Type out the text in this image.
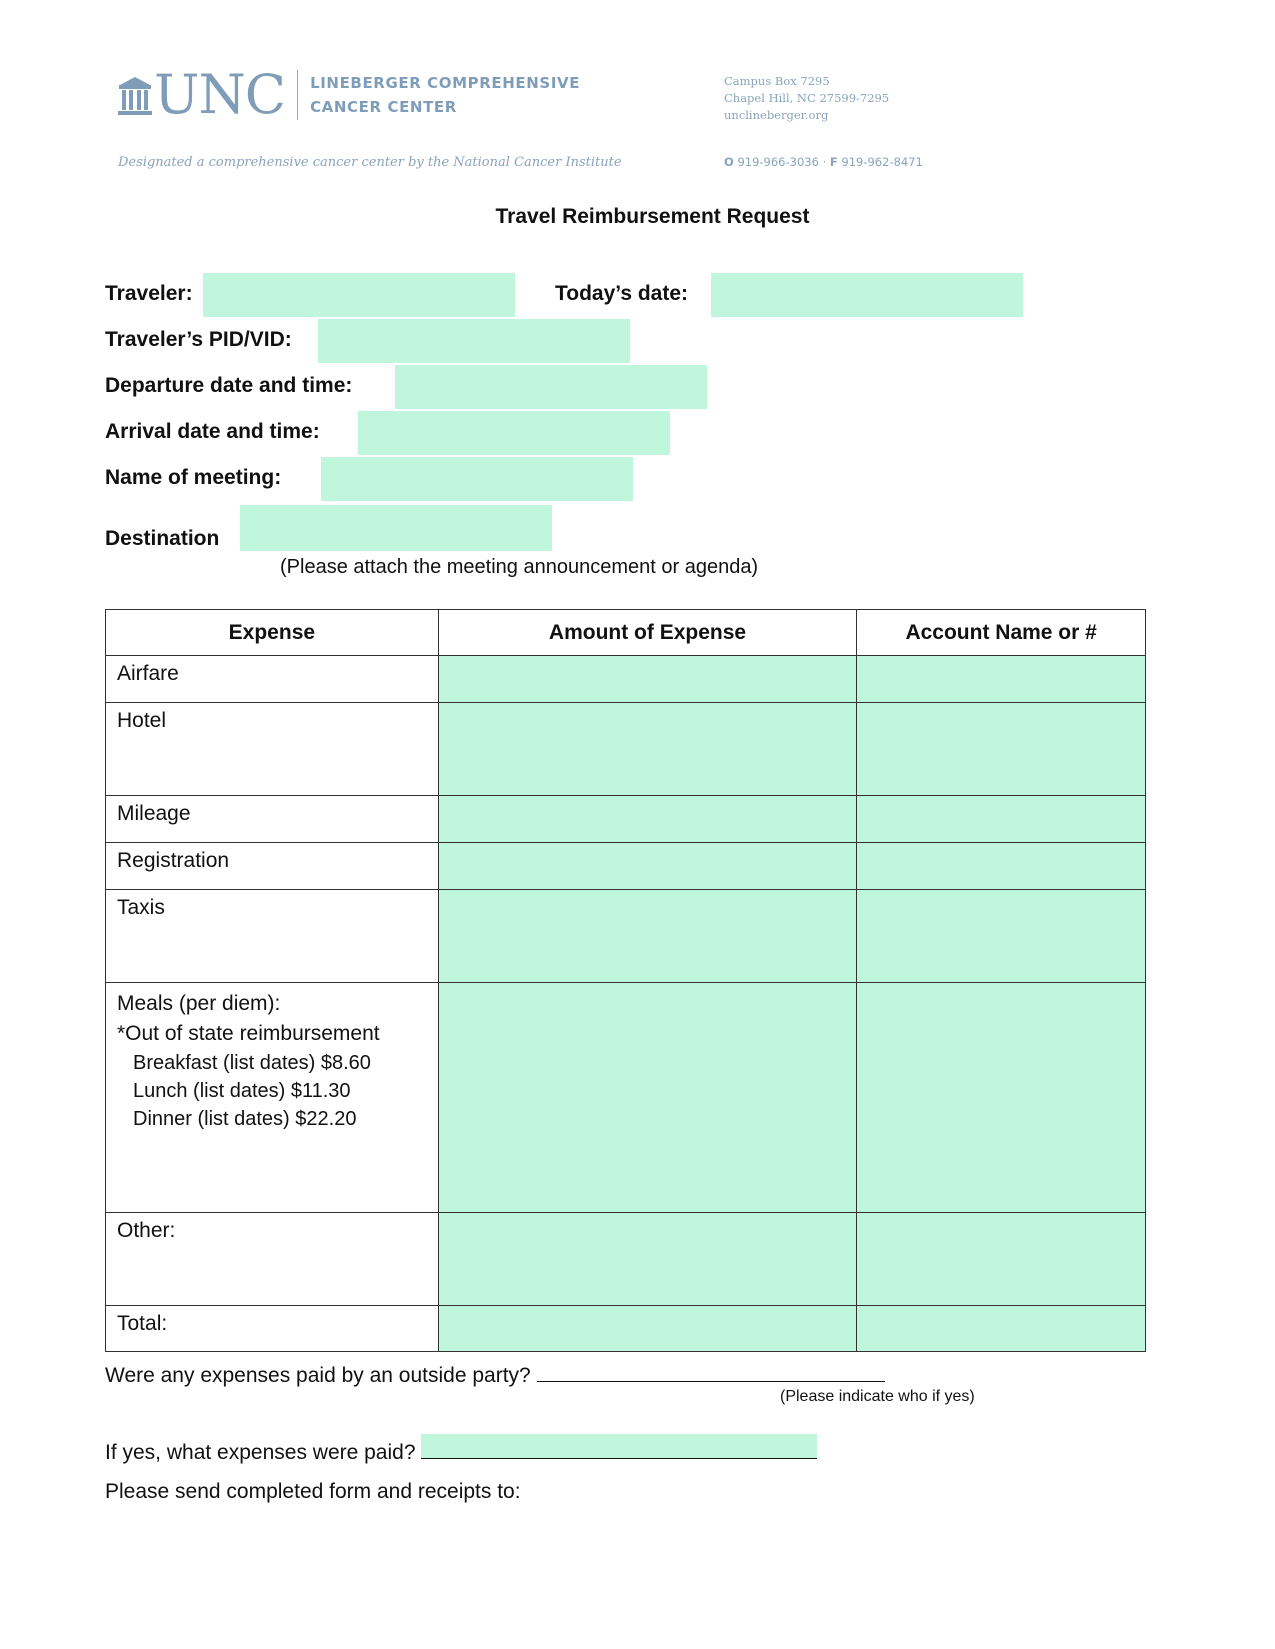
UNC LINEBERGER COMPREHENSIVE
CANCER CENTER
Designated a comprehensive cancer center by the National Cancer Institute
Campus Box 7295
Chapel Hill, NC 27599-7295
unclineberger.org
O 919-966-3036 · F 919-962-8471
Travel Reimbursement Request
Traveler:	Today’s date:
Traveler’s PID/VID:
Departure date and time:
Arrival date and time:
Name of meeting:
Destination
(Please attach the meeting announcement or agenda)
Expense	Amount of Expense	Account Name or #
Airfare		
Hotel		
Mileage		
Registration		
Taxis		

Meals (per diem):
*Out of state reimbursement
Breakfast (list dates) $8.60
Lunch (list dates) $11.30
Dinner (list dates) $22.20		

Other:		
Total:		
Were any expenses paid by an outside party?
(Please indicate who if yes)
If yes, what expenses were paid?
Please send completed form and receipts to:
